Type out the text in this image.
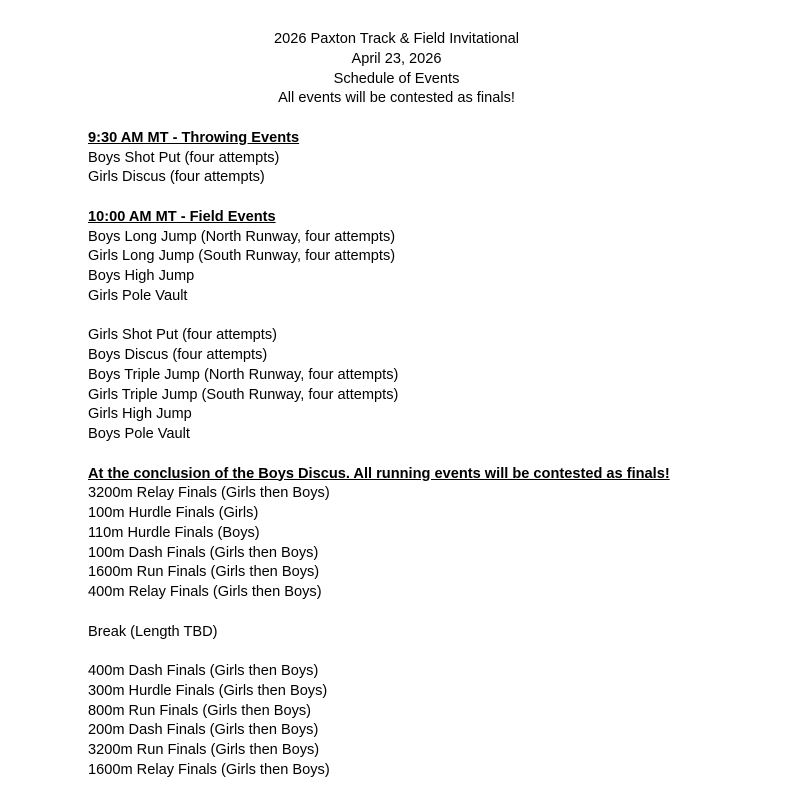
2026 Paxton Track & Field Invitational
April 23, 2026
Schedule of Events
All events will be contested as finals!
9:30 AM MT - Throwing Events
Boys Shot Put (four attempts)
Girls Discus (four attempts)
10:00 AM MT - Field Events
Boys Long Jump (North Runway, four attempts)
Girls Long Jump (South Runway, four attempts)
Boys High Jump
Girls Pole Vault
Girls Shot Put (four attempts)
Boys Discus (four attempts)
Boys Triple Jump (North Runway, four attempts)
Girls Triple Jump (South Runway, four attempts)
Girls High Jump
Boys Pole Vault
At the conclusion of the Boys Discus. All running events will be contested as finals!
3200m Relay Finals (Girls then Boys)
100m Hurdle Finals (Girls)
110m Hurdle Finals (Boys)
100m Dash Finals (Girls then Boys)
1600m Run Finals (Girls then Boys)
400m Relay Finals (Girls then Boys)
Break (Length TBD)
400m Dash Finals (Girls then Boys)
300m Hurdle Finals (Girls then Boys)
800m Run Finals (Girls then Boys)
200m Dash Finals (Girls then Boys)
3200m Run Finals (Girls then Boys)
1600m Relay Finals (Girls then Boys)
